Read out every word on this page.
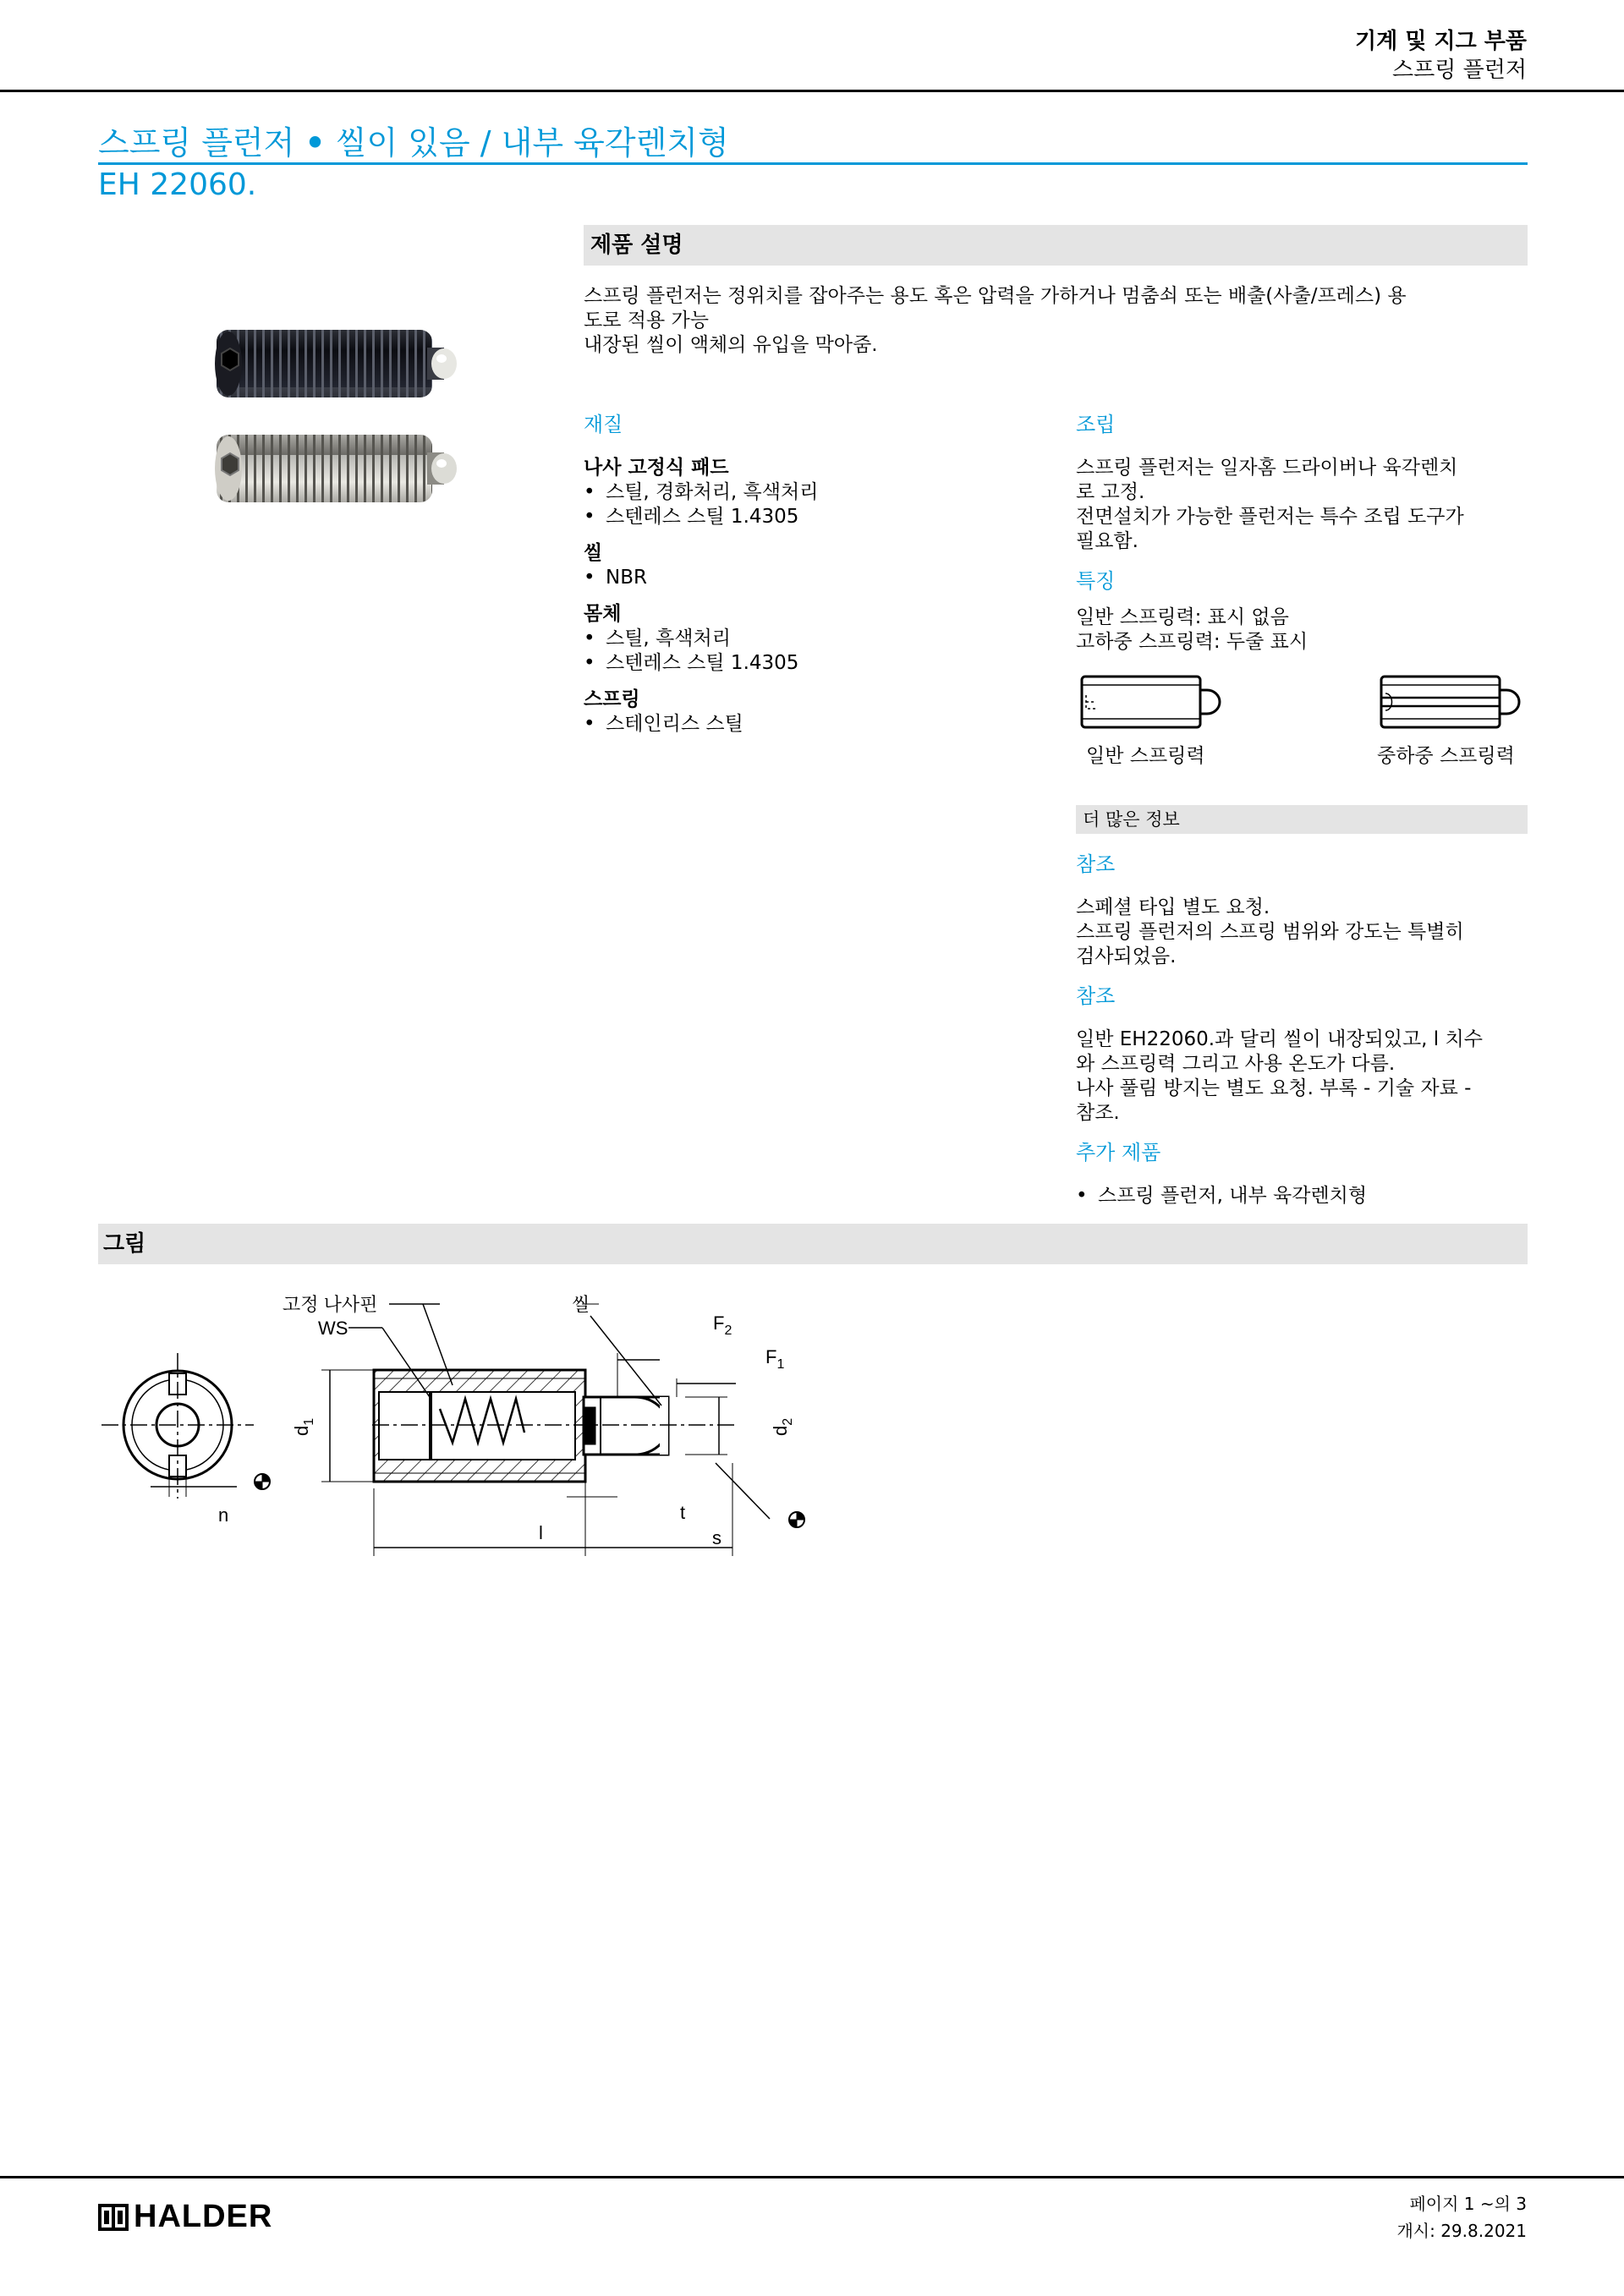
기계 및 지그 부품
스프링 플런저
스프링 플런저 • 씰이 있음 / 내부 육각렌치형
EH 22060.
제품 설명
스프링 플런저는 정위치를 잡아주는 용도 혹은 압력을 가하거나 멈춤쇠 또는 배출(사출/프레스) 용
도로 적용 가능
내장된 씰이 액체의 유입을 막아줌.
재질
나사 고정식 패드
• 스틸, 경화처리, 흑색처리
• 스텐레스 스틸 1.4305
씰
• NBR
몸체
• 스틸, 흑색처리
• 스텐레스 스틸 1.4305
스프링
• 스테인리스 스틸
조립
스프링 플런저는 일자홈 드라이버나 육각렌치
로 고정.
전면설치가 가능한 플런저는 특수 조립 도구가
필요함.
특징
일반 스프링력: 표시 없음
고하중 스프링력: 두줄 표시
일반 스프링력	중하중 스프링력
더 많은 정보
참조
스페셜 타입 별도 요청.
스프링 플런저의 스프링 범위와 강도는 특별히
검사되었음.
참조
일반 EH22060.과 달리 씰이 내장되있고, l 치수
와 스프링력 그리고 사용 온도가 다름.
나사 풀림 방지는 별도 요청. 부록 - 기술 자료 -
참조.
추가 제품
• 스프링 플런저, 내부 육각렌치형
그림
n
고정 나사핀
WS
씰
$F_2$
$F_1$
$d_1$
$d_2$
l	s
t
HALDER	페이지 1 ~의 3
개시: 29.8.2021
